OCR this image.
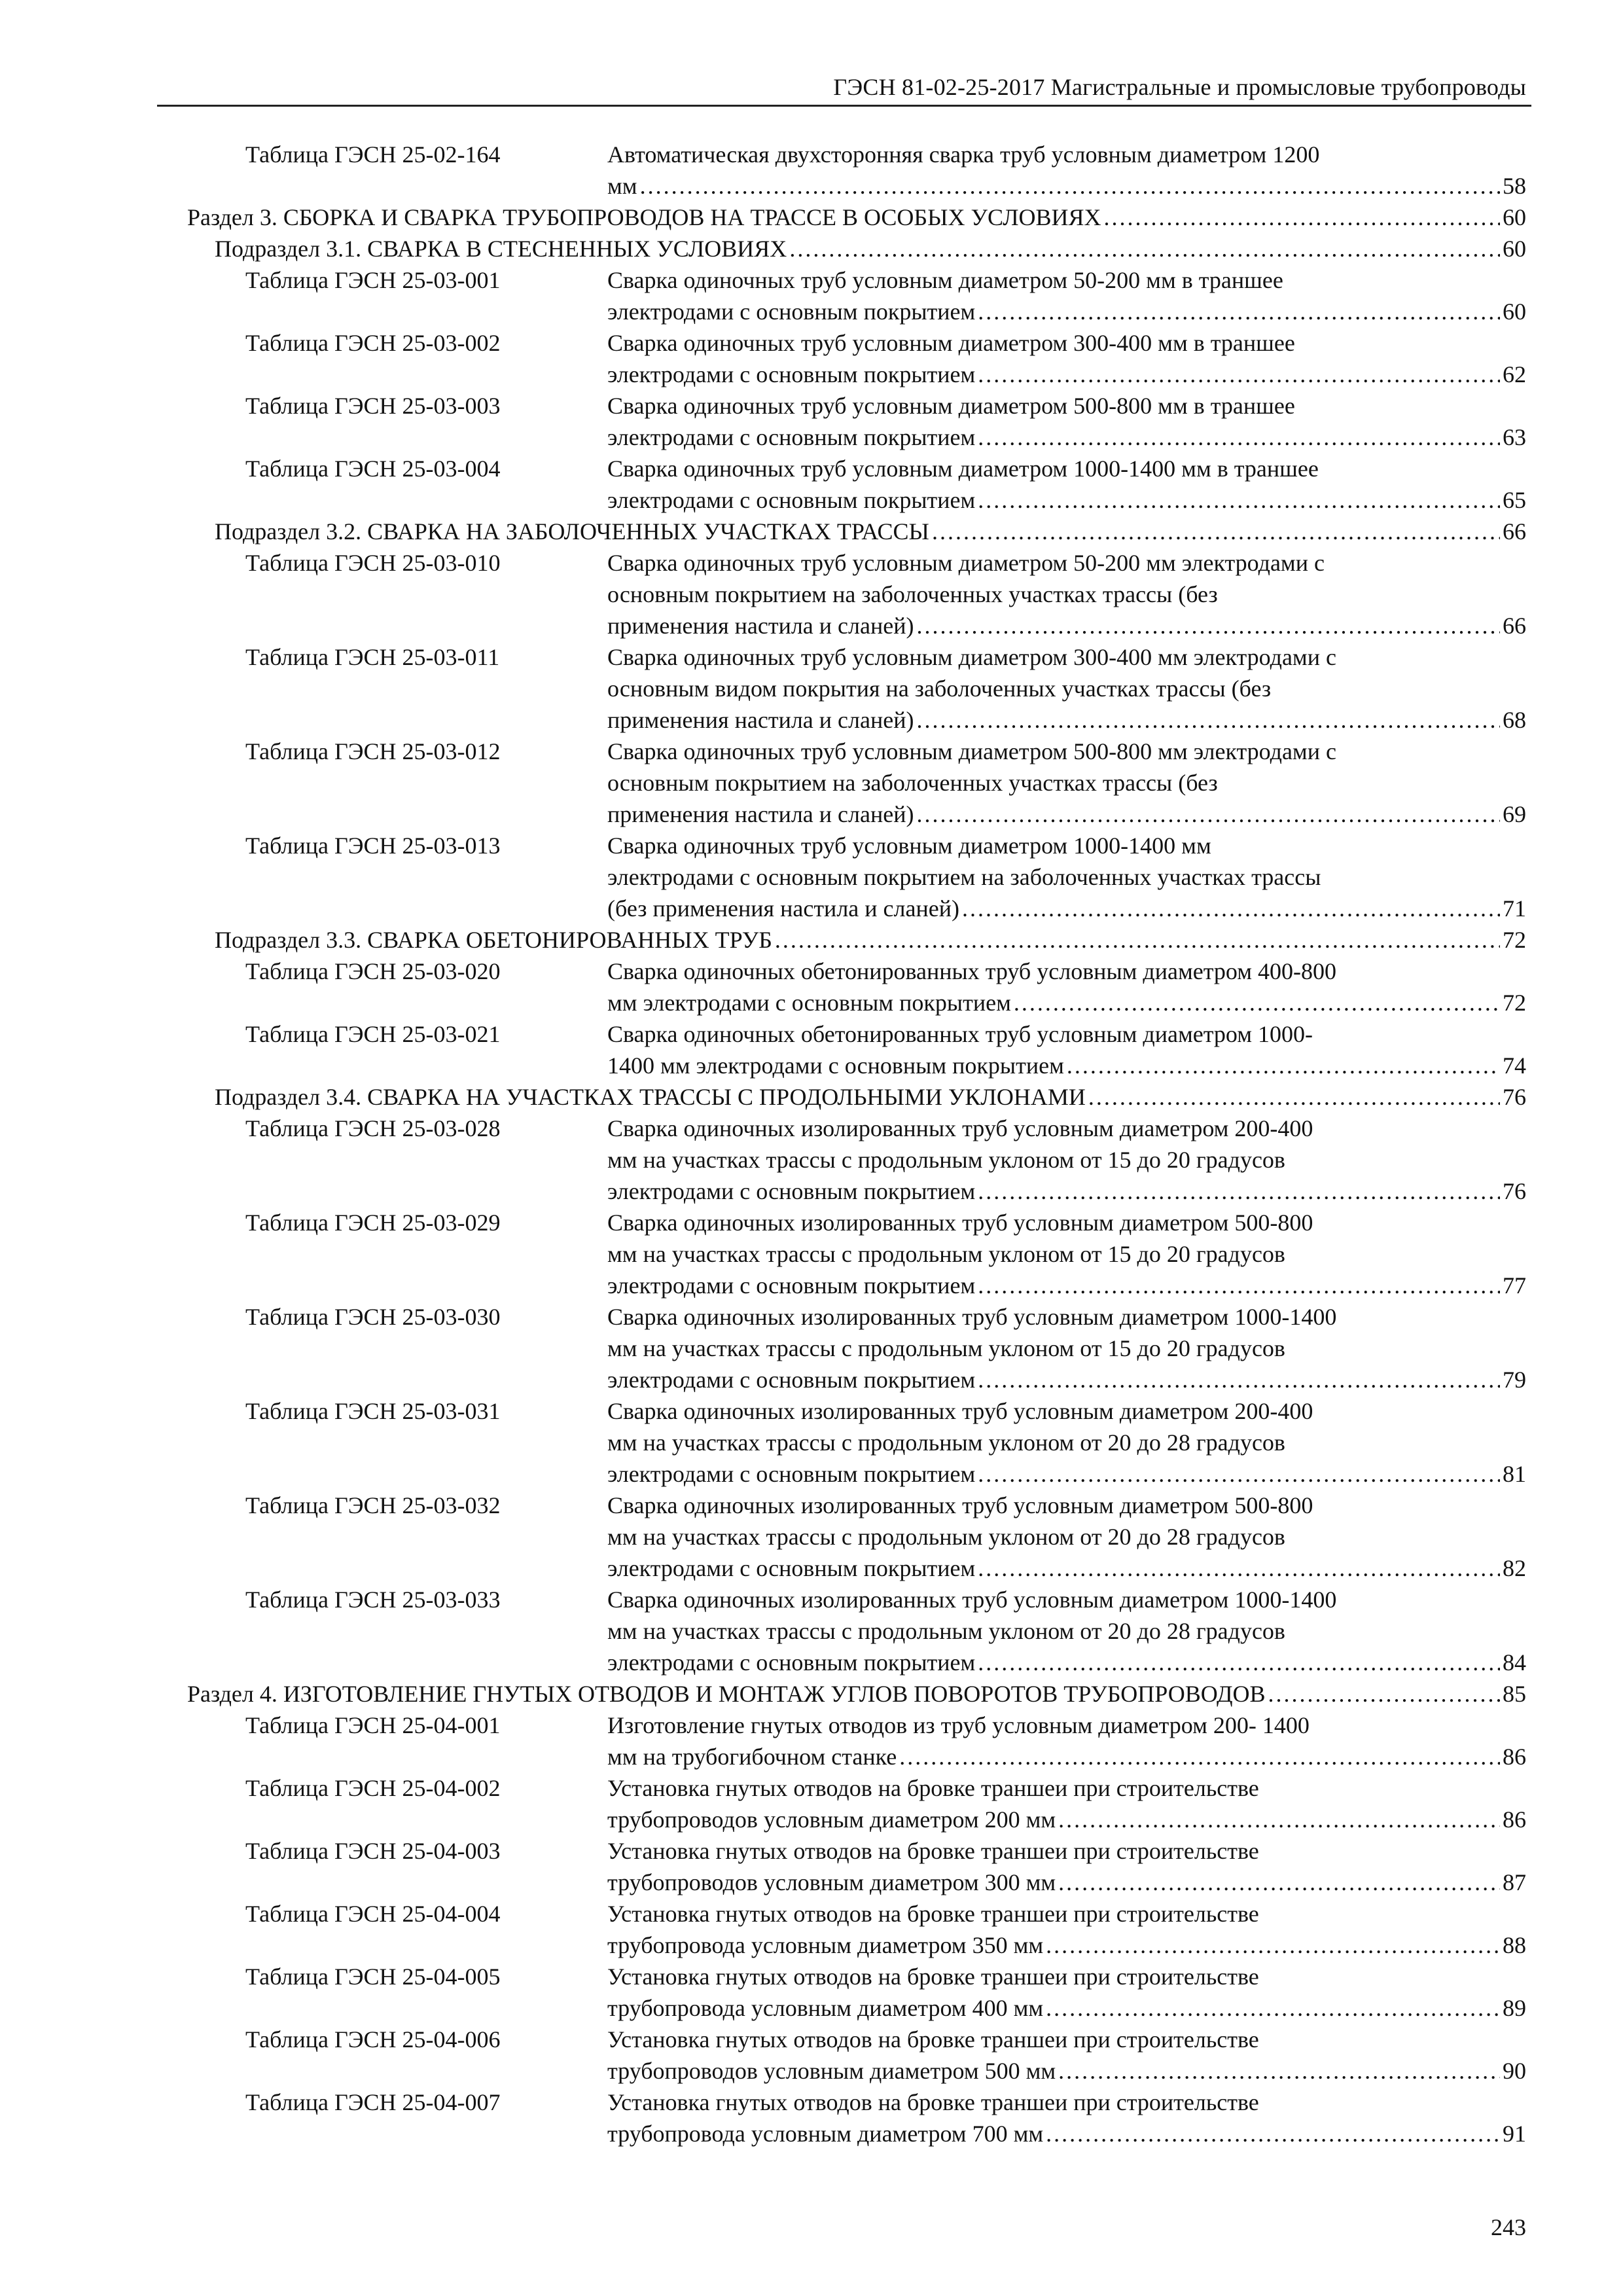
ГЭСН 81-02-25-2017 Магистральные и промысловые трубопроводы
Таблица ГЭСН 25-02-164	Автоматическая двухсторонняя сварка труб условным диаметром 1200
мм . . .	58
Раздел 3. СБОРКА И СВАРКА ТРУБОПРОВОДОВ НА ТРАССЕ В ОСОБЫХ УСЛОВИЯХ . . .	60
Подраздел 3.1. СВАРКА В СТЕСНЕННЫХ УСЛОВИЯХ . . .	60
Таблица ГЭСН 25-03-001	Сварка одиночных труб условным диаметром 50-200 мм в траншее
электродами с основным покрытием . . .	60
Таблица ГЭСН 25-03-002	Сварка одиночных труб условным диаметром 300-400 мм в траншее
электродами с основным покрытием . . .	62
Таблица ГЭСН 25-03-003	Сварка одиночных труб условным диаметром 500-800 мм в траншее
электродами с основным покрытием . . .	63
Таблица ГЭСН 25-03-004	Сварка одиночных труб условным диаметром 1000-1400 мм в траншее
электродами с основным покрытием . . .	65
Подраздел 3.2. СВАРКА НА ЗАБОЛОЧЕННЫХ УЧАСТКАХ ТРАССЫ . . .	66
Таблица ГЭСН 25-03-010	Сварка одиночных труб условным диаметром 50-200 мм электродами с
основным покрытием на заболоченных участках трассы (без
применения настила и сланей) . . .	66
Таблица ГЭСН 25-03-011	Сварка одиночных труб условным диаметром 300-400 мм электродами с
основным видом покрытия на заболоченных участках трассы (без
применения настила и сланей) . . .	68
Таблица ГЭСН 25-03-012	Сварка одиночных труб условным диаметром 500-800 мм электродами с
основным покрытием на заболоченных участках трассы (без
применения настила и сланей) . . .	69
Таблица ГЭСН 25-03-013	Сварка одиночных труб условным диаметром 1000-1400 мм
электродами с основным покрытием на заболоченных участках трассы
(без применения настила и сланей) . . .	71
Подраздел 3.3. СВАРКА ОБЕТОНИРОВАННЫХ ТРУБ . . .	72
Таблица ГЭСН 25-03-020	Сварка одиночных обетонированных труб условным диаметром 400-800
мм электродами с основным покрытием . . .	72
Таблица ГЭСН 25-03-021	Сварка одиночных обетонированных труб условным диаметром 1000-
1400 мм электродами с основным покрытием . . .	74
Подраздел 3.4. СВАРКА НА УЧАСТКАХ ТРАССЫ С ПРОДОЛЬНЫМИ УКЛОНАМИ . . .	76
Таблица ГЭСН 25-03-028	Сварка одиночных изолированных труб условным диаметром 200-400
мм на участках трассы с продольным уклоном от 15 до 20 градусов
электродами с основным покрытием . . .	76
Таблица ГЭСН 25-03-029	Сварка одиночных изолированных труб условным диаметром 500-800
мм на участках трассы с продольным уклоном от 15 до 20 градусов
электродами с основным покрытием . . .	77
Таблица ГЭСН 25-03-030	Сварка одиночных изолированных труб условным диаметром 1000-1400
мм на участках трассы с продольным уклоном от 15 до 20 градусов
электродами с основным покрытием . . .	79
Таблица ГЭСН 25-03-031	Сварка одиночных изолированных труб условным диаметром 200-400
мм на участках трассы с продольным уклоном от 20 до 28 градусов
электродами с основным покрытием . . .	81
Таблица ГЭСН 25-03-032	Сварка одиночных изолированных труб условным диаметром 500-800
мм на участках трассы с продольным уклоном от 20 до 28 градусов
электродами с основным покрытием . . .	82
Таблица ГЭСН 25-03-033	Сварка одиночных изолированных труб условным диаметром 1000-1400
мм на участках трассы с продольным уклоном от 20 до 28 градусов
электродами с основным покрытием . . .	84
Раздел 4. ИЗГОТОВЛЕНИЕ ГНУТЫХ ОТВОДОВ И МОНТАЖ УГЛОВ ПОВОРОТОВ ТРУБОПРОВОДОВ . . .	85
Таблица ГЭСН 25-04-001	Изготовление гнутых отводов из труб условным диаметром 200- 1400
мм на трубогибочном станке . . .	86
Таблица ГЭСН 25-04-002	Установка гнутых отводов на бровке траншеи при строительстве
трубопроводов условным диаметром 200 мм . . .	86
Таблица ГЭСН 25-04-003	Установка гнутых отводов на бровке траншеи при строительстве
трубопроводов условным диаметром 300 мм . . .	87
Таблица ГЭСН 25-04-004	Установка гнутых отводов на бровке траншеи при строительстве
трубопровода условным диаметром 350 мм . . .	88
Таблица ГЭСН 25-04-005	Установка гнутых отводов на бровке траншеи при строительстве
трубопровода условным диаметром 400 мм . . .	89
Таблица ГЭСН 25-04-006	Установка гнутых отводов на бровке траншеи при строительстве
трубопроводов условным диаметром 500 мм . . .	90
Таблица ГЭСН 25-04-007	Установка гнутых отводов на бровке траншеи при строительстве
трубопровода условным диаметром 700 мм . . .	91
243
